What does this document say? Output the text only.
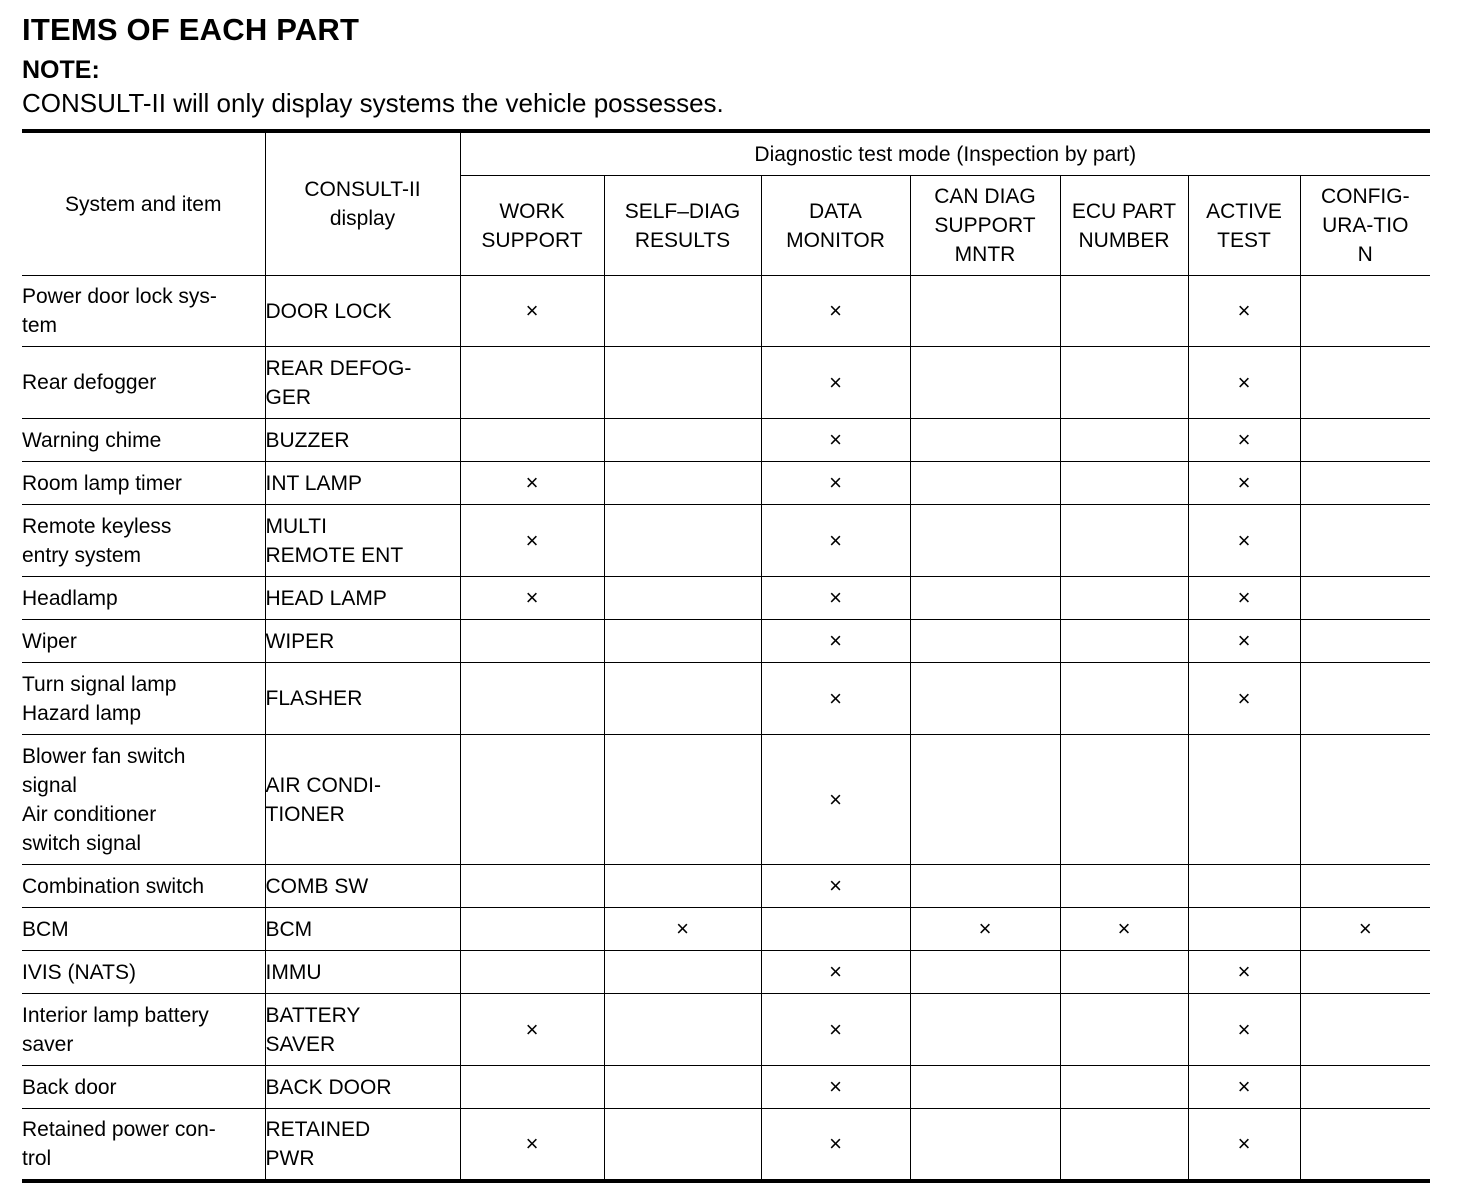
ITEMS OF EACH PART
NOTE:
CONSULT-II will only display systems the vehicle possesses.
System and item	CONSULT-II display	Diagnostic test mode (Inspection by part)						
		WORK SUPPORT	SELF–DIAG RESULTS	DATA MONITOR	CAN DIAG SUPPORT MNTR	ECU PART NUMBER	ACTIVE TEST	CONFIG-URA-TION
Power door lock sys-
tem	DOOR LOCK	×		×			×	
Rear defogger	REAR DEFOG-
GER			×			×	
Warning chime	BUZZER			×			×	
Room lamp timer	INT LAMP	×		×			×	
Remote keyless
entry system	MULTI
REMOTE ENT	×		×			×	
Headlamp	HEAD LAMP	×		×			×	
Wiper	WIPER			×			×	
Turn signal lamp
Hazard lamp	FLASHER			×			×	
Blower fan switch
signal
Air conditioner
switch signal	AIR CONDI-
TIONER			×				
Combination switch	COMB SW			×				
BCM	BCM		×		×	×		×
IVIS (NATS)	IMMU			×			×	
Interior lamp battery
saver	BATTERY
SAVER	×		×			×	
Back door	BACK DOOR			×			×	
Retained power con-
trol	RETAINED
PWR	×		×			×	
